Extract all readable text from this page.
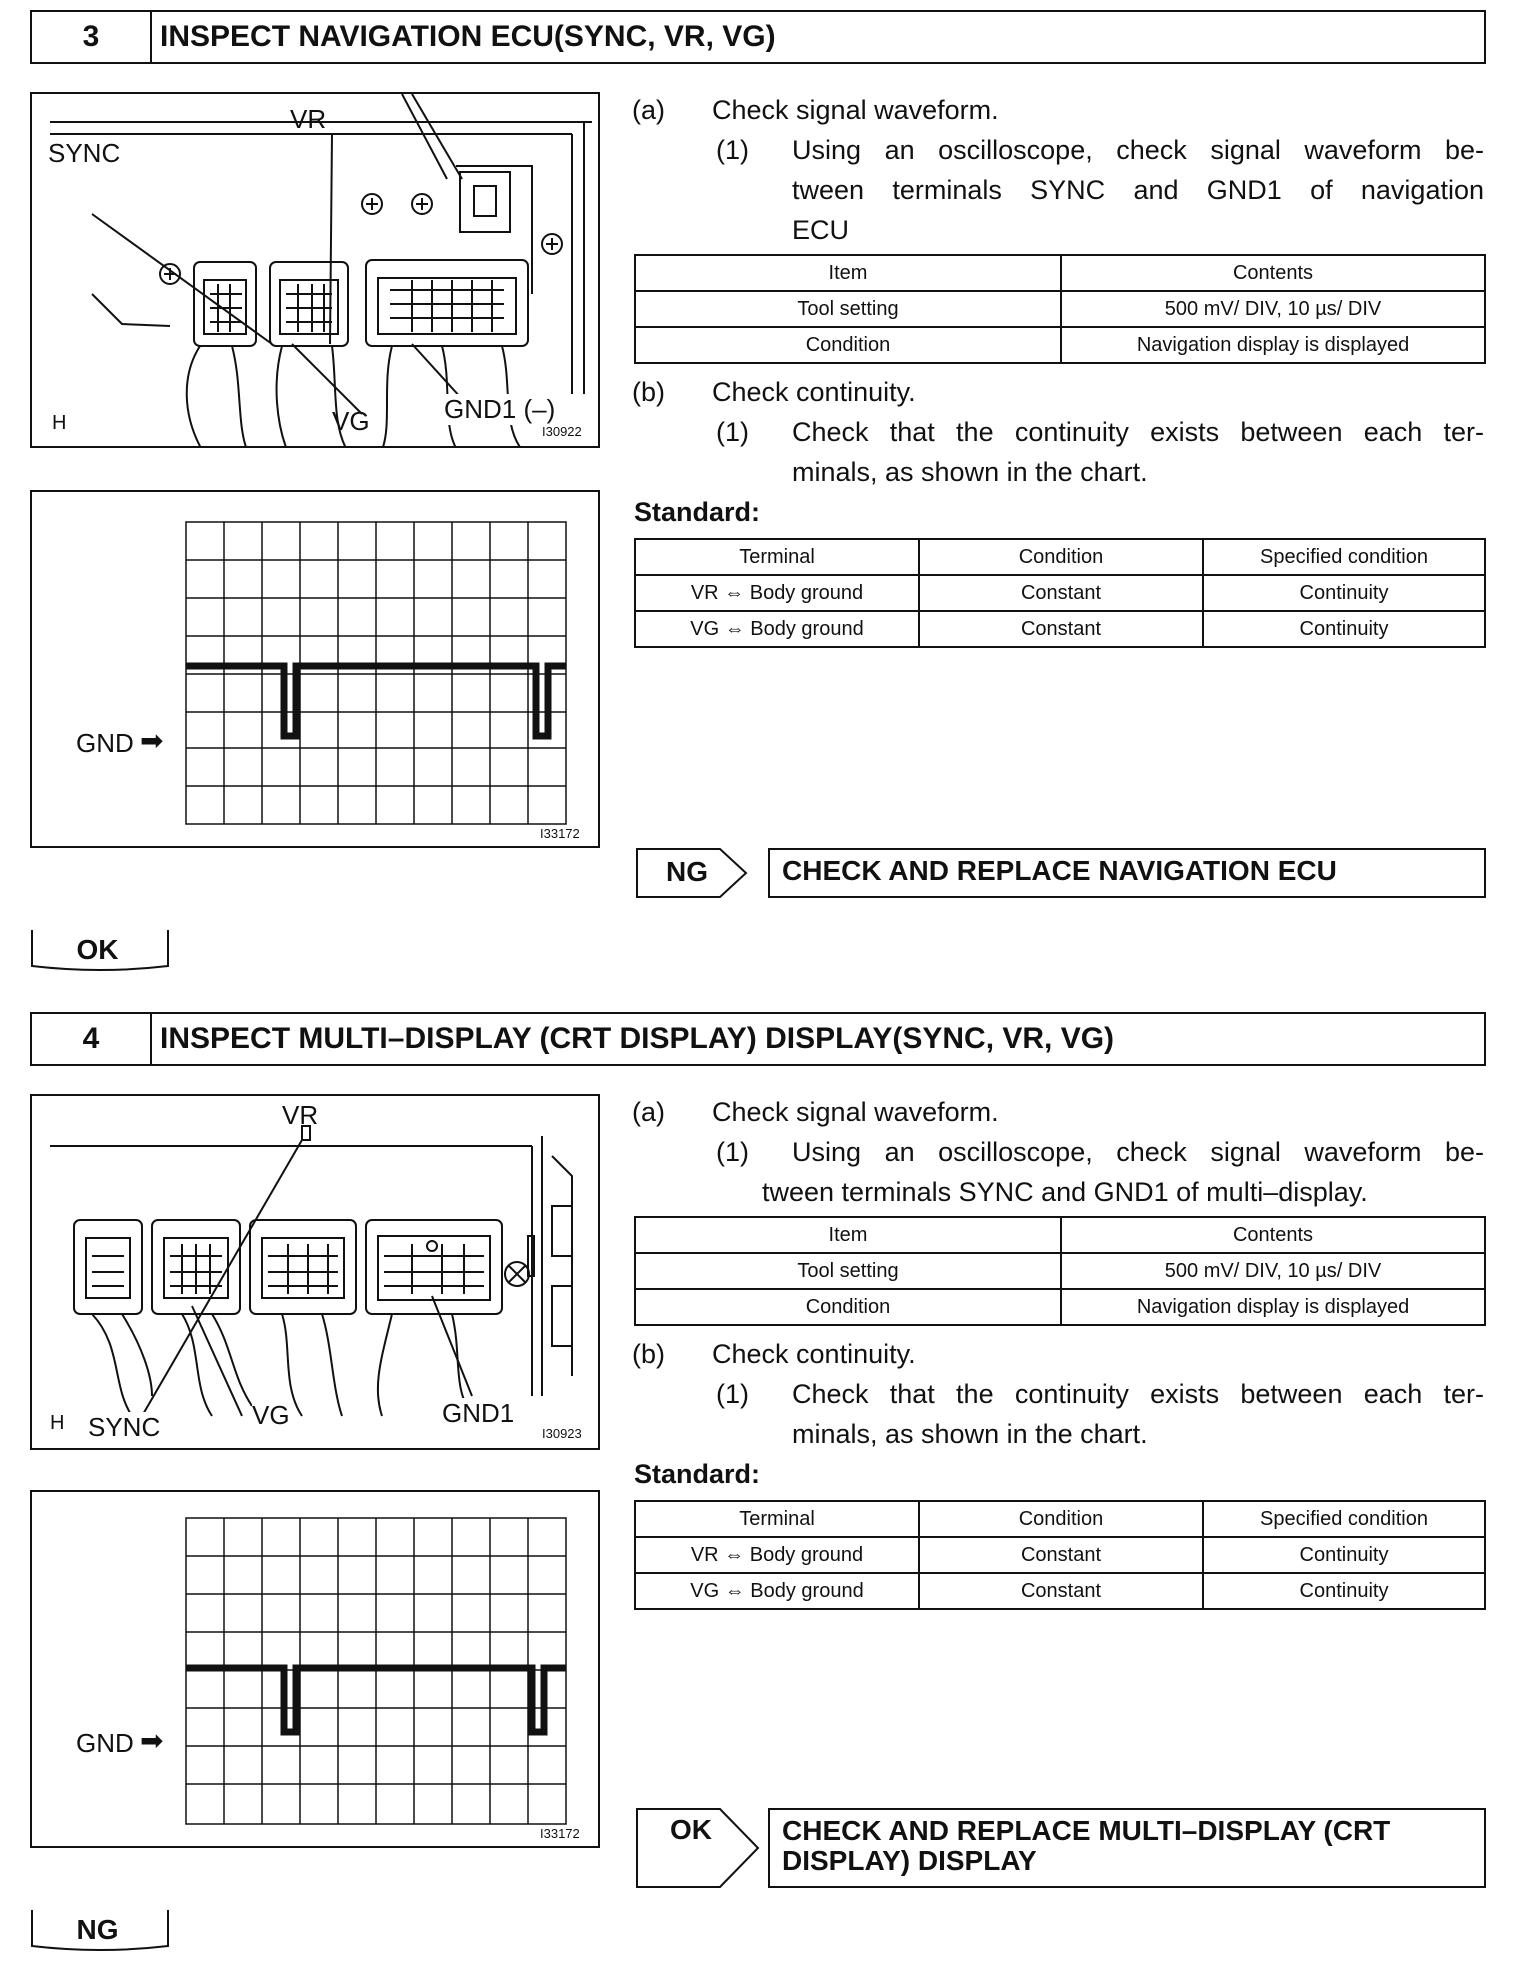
3	INSPECT NAVIGATION ECU(SYNC, VR, VG)
SYNC
VR
VG	GND1 (–)
H	I30922
GND ➡
I33172
(a) Check signal waveform.
(1) Using an oscilloscope, check signal waveform be-
tween terminals SYNC and GND1 of navigation
ECU
Item	Contents
Tool setting	500 mV/ DIV, 10 µs/ DIV
Condition	Navigation display is displayed
(b) Check continuity.
(1) Check that the continuity exists between each ter-
minals, as shown in the chart.
Standard:
Terminal	Condition	Specified condition
VR ⇔ Body ground	Constant	Continuity
VG ⇔ Body ground	Constant	Continuity
NG	CHECK AND REPLACE NAVIGATION ECU
OK
4	INSPECT MULTI–DISPLAY (CRT DISPLAY) DISPLAY(SYNC, VR, VG)
VR
SYNC	VG	GND1
H	I30923
GND ➡
I33172
(a) Check signal waveform.
(1) Using an oscilloscope, check signal waveform be-
tween terminals SYNC and GND1 of multi–display.
Item	Contents
Tool setting	500 mV/ DIV, 10 µs/ DIV
Condition	Navigation display is displayed
(b) Check continuity.
(1) Check that the continuity exists between each ter-
minals, as shown in the chart.
Standard:
Terminal	Condition	Specified condition
VR ⇔ Body ground	Constant	Continuity
VG ⇔ Body ground	Constant	Continuity
OK	CHECK AND REPLACE MULTI–DISPLAY (CRT
DISPLAY) DISPLAY
NG
